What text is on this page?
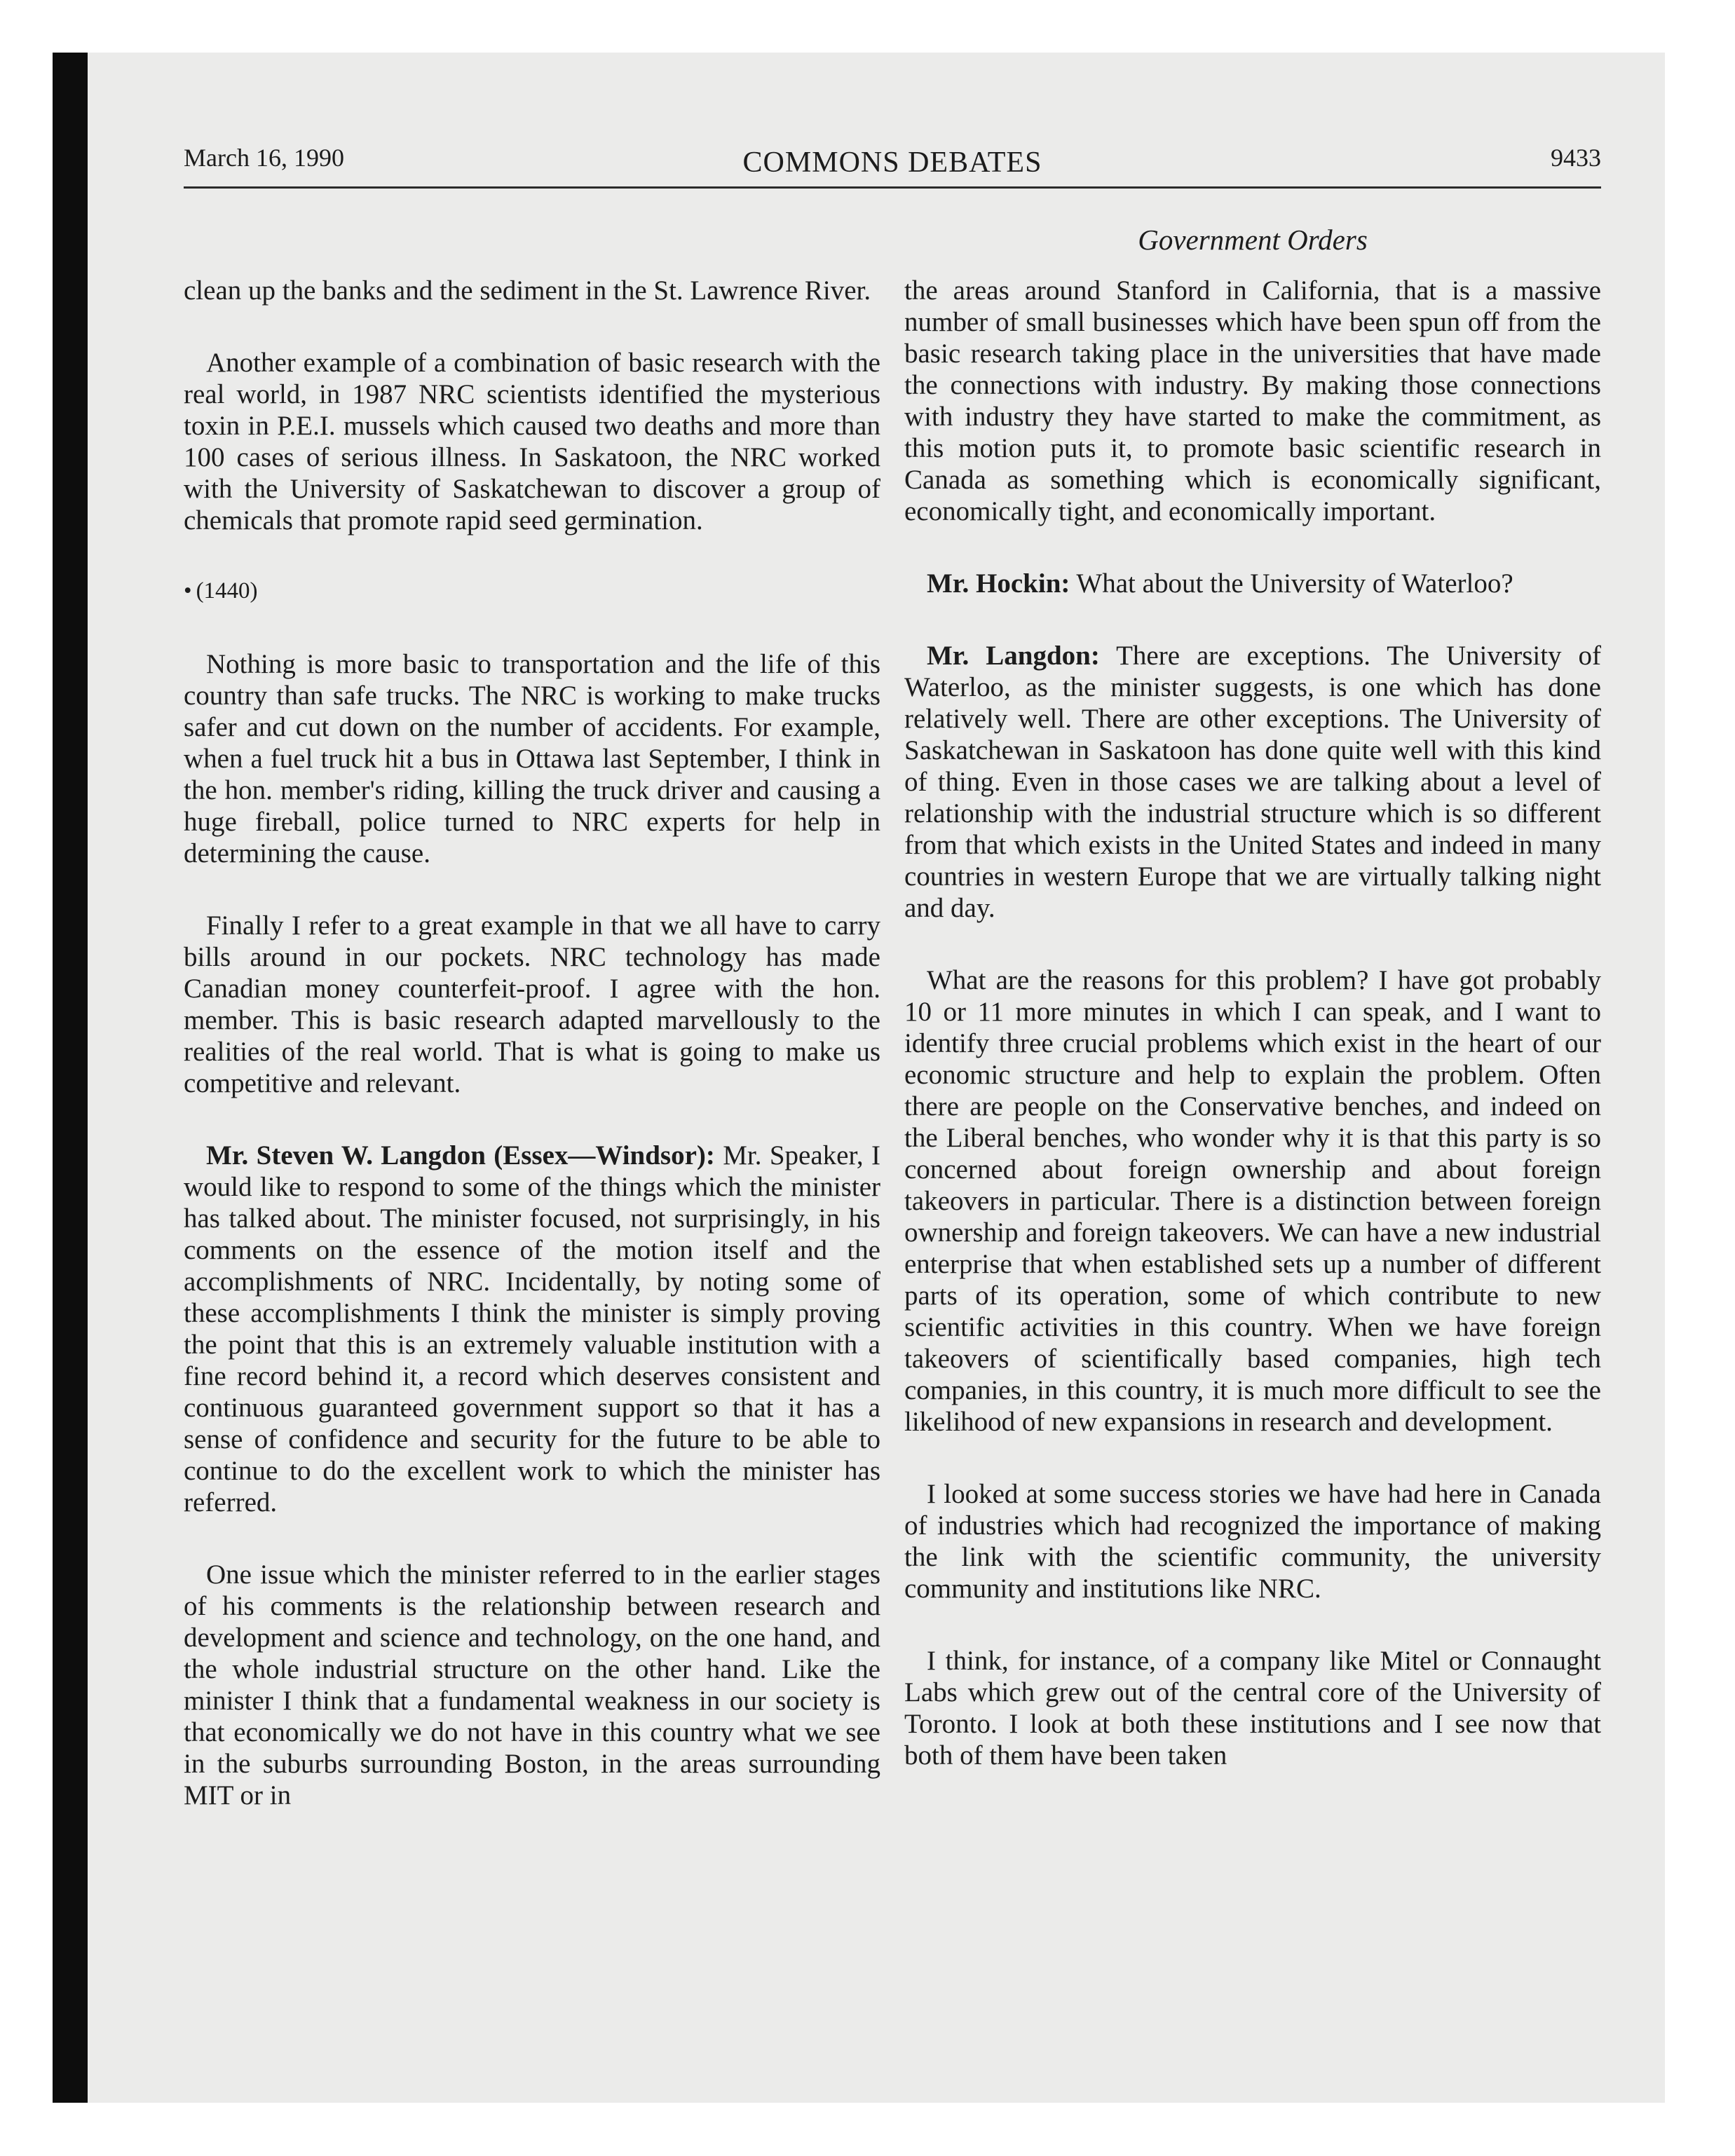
March 16, 1990	COMMONS DEBATES	9433
Government Orders

clean up the banks and the sediment in the St. Lawrence River.

Another example of a combination of basic research with the real world, in 1987 NRC scientists identified the mysterious toxin in P.E.I. mussels which caused two deaths and more than 100 cases of serious illness. In Saskatoon, the NRC worked with the University of Saskatchewan to discover a group of chemicals that promote rapid seed germination.

• (1440)

Nothing is more basic to transportation and the life of this country than safe trucks. The NRC is working to make trucks safer and cut down on the number of accidents. For example, when a fuel truck hit a bus in Ottawa last September, I think in the hon. member's riding, killing the truck driver and causing a huge fireball, police turned to NRC experts for help in determining the cause.

Finally I refer to a great example in that we all have to carry bills around in our pockets. NRC technology has made Canadian money counterfeit-proof. I agree with the hon. member. This is basic research adapted marvellously to the realities of the real world. That is what is going to make us competitive and relevant.

Mr. Steven W. Langdon (Essex—Windsor): Mr. Speaker, I would like to respond to some of the things which the minister has talked about. The minister focused, not surprisingly, in his comments on the essence of the motion itself and the accomplishments of NRC. Incidentally, by noting some of these accomplishments I think the minister is simply proving the point that this is an extremely valuable institution with a fine record behind it, a record which deserves consistent and continuous guaranteed government support so that it has a sense of confidence and security for the future to be able to continue to do the excellent work to which the minister has referred.

One issue which the minister referred to in the earlier stages of his comments is the relationship between research and development and science and technology, on the one hand, and the whole industrial structure on the other hand. Like the minister I think that a fundamental weakness in our society is that economically we do not have in this country what we see in the suburbs surrounding Boston, in the areas surrounding MIT or in

the areas around Stanford in California, that is a massive number of small businesses which have been spun off from the basic research taking place in the universities that have made the connections with industry. By making those connections with industry they have started to make the commitment, as this motion puts it, to promote basic scientific research in Canada as something which is economically significant, economically tight, and economically important.

Mr. Hockin: What about the University of Waterloo?

Mr. Langdon: There are exceptions. The University of Waterloo, as the minister suggests, is one which has done relatively well. There are other exceptions. The University of Saskatchewan in Saskatoon has done quite well with this kind of thing. Even in those cases we are talking about a level of relationship with the industrial structure which is so different from that which exists in the United States and indeed in many countries in western Europe that we are virtually talking night and day.

What are the reasons for this problem? I have got probably 10 or 11 more minutes in which I can speak, and I want to identify three crucial problems which exist in the heart of our economic structure and help to explain the problem. Often there are people on the Conservative benches, and indeed on the Liberal benches, who wonder why it is that this party is so concerned about foreign ownership and about foreign takeovers in particular. There is a distinction between foreign ownership and foreign takeovers. We can have a new industrial enterprise that when established sets up a number of different parts of its operation, some of which contribute to new scientific activities in this country. When we have foreign takeovers of scientifically based companies, high tech companies, in this country, it is much more difficult to see the likelihood of new expansions in research and development.

I looked at some success stories we have had here in Canada of industries which had recognized the importance of making the link with the scientific community, the university community and institutions like NRC.

I think, for instance, of a company like Mitel or Connaught Labs which grew out of the central core of the University of Toronto. I look at both these institutions and I see now that both of them have been taken
